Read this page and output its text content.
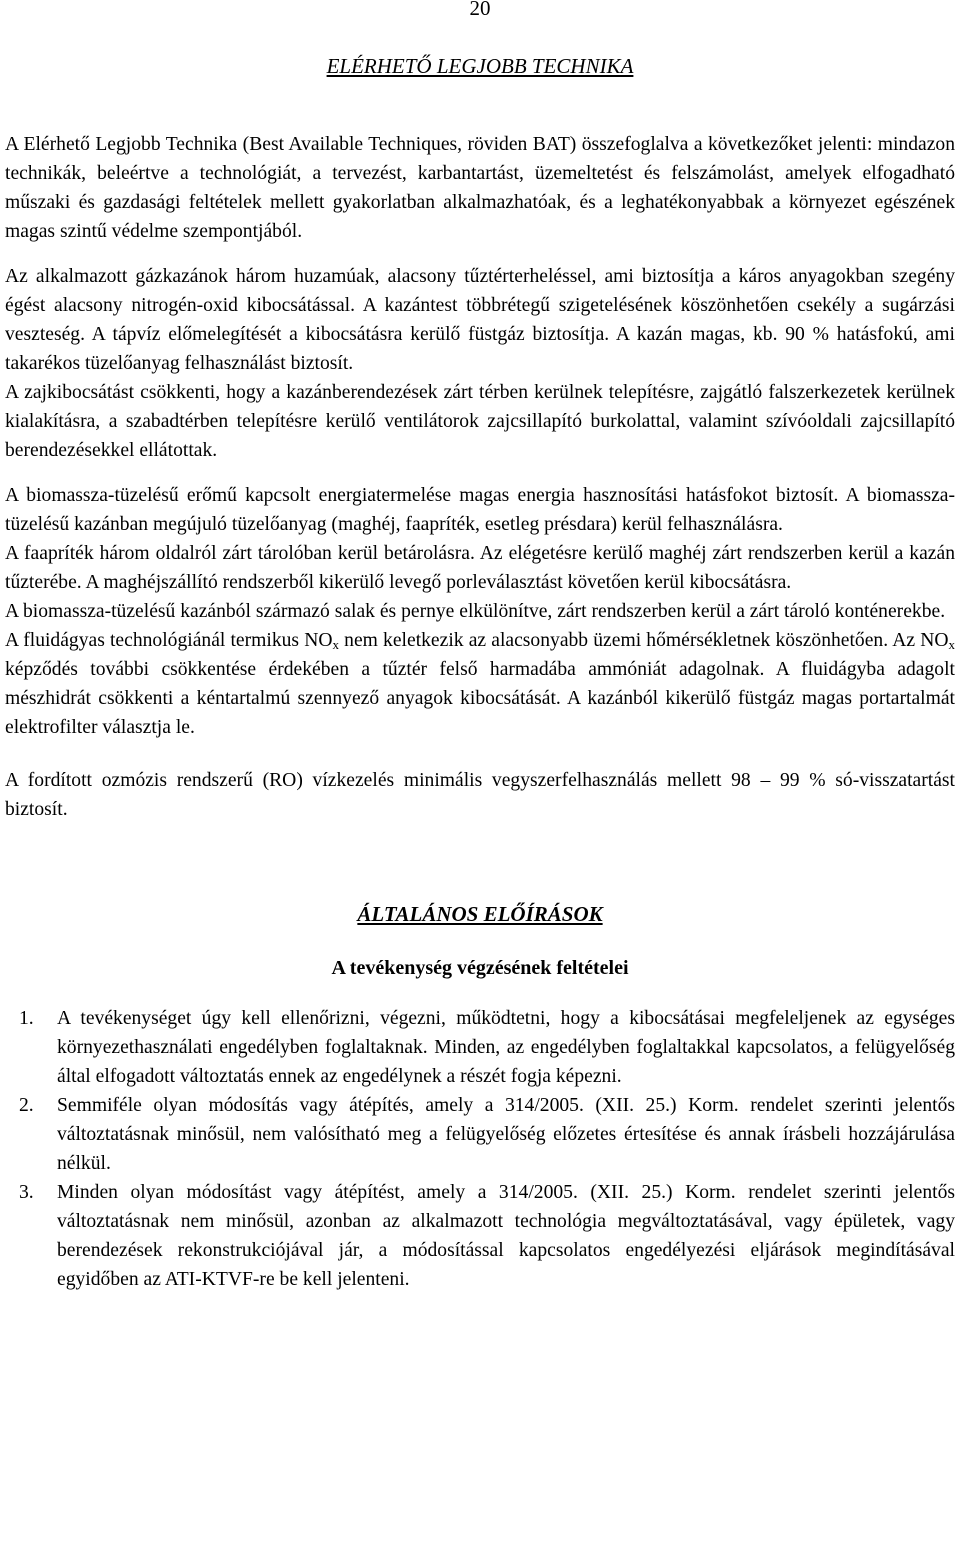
20
ELÉRHETŐ LEGJOBB TECHNIKA

A Elérhető Legjobb Technika (Best Available Techniques, röviden BAT) összefoglalva a következőket jelenti: mindazon technikák, beleértve a technológiát, a tervezést, karbantartást, üzemeltetést és felszámolást, amelyek elfogadható műszaki és gazdasági feltételek mellett gyakorlatban alkalmazhatóak, és a leghatékonyabbak a környezet egészének magas szintű védelme szempontjából.

Az alkalmazott gázkazánok három huzamúak, alacsony tűztérterheléssel, ami biztosítja a káros anyagokban szegény égést alacsony nitrogén-oxid kibocsátással. A kazántest többrétegű szigetelésének köszönhetően csekély a sugárzási veszteség. A tápvíz előmelegítését a kibocsátásra kerülő füstgáz biztosítja. A kazán magas, kb. 90 % hatásfokú, ami takarékos tüzelőanyag felhasználást biztosít.

A zajkibocsátást csökkenti, hogy a kazánberendezések zárt térben kerülnek telepítésre, zajgátló falszerkezetek kerülnek kialakításra, a szabadtérben telepítésre kerülő ventilátorok zajcsillapító burkolattal, valamint szívóoldali zajcsillapító berendezésekkel ellátottak.

A biomassza-tüzelésű erőmű kapcsolt energiatermelése magas energia hasznosítási hatásfokot biztosít. A biomassza-tüzelésű kazánban megújuló tüzelőanyag (maghéj, faapríték, esetleg présdara) kerül felhasználásra.

A faapríték három oldalról zárt tárolóban kerül betárolásra. Az elégetésre kerülő maghéj zárt rendszerben kerül a kazán tűzterébe. A maghéjszállító rendszerből kikerülő levegő porleválasztást követően kerül kibocsátásra.

A biomassza-tüzelésű kazánból származó salak és pernye elkülönítve, zárt rendszerben kerül a zárt tároló konténerekbe.

A fluidágyas technológiánál termikus $NO_x$ nem keletkezik az alacsonyabb üzemi hőmérsékletnek köszönhetően. Az $NO_x$ képződés további csökkentése érdekében a tűztér felső harmadába ammóniát adagolnak. A fluidágyba adagolt mészhidrát csökkenti a kéntartalmú szennyező anyagok kibocsátását. A kazánból kikerülő füstgáz magas portartalmát elektrofilter választja le.

A fordított ozmózis rendszerű (RO) vízkezelés minimális vegyszerfelhasználás mellett 98 – 99 % só-visszatartást biztosít.

ÁLTALÁNOS ELŐÍRÁSOK
A tevékenység végzésének feltételei
1. A tevékenységet úgy kell ellenőrizni, végezni, működtetni, hogy a kibocsátásai megfeleljenek az egységes környezethasználati engedélyben foglaltaknak. Minden, az engedélyben foglaltakkal kapcsolatos, a felügyelőség által elfogadott változtatás ennek az engedélynek a részét fogja képezni.
2. Semmiféle olyan módosítás vagy átépítés, amely a 314/2005. (XII. 25.) Korm. rendelet szerinti jelentős változtatásnak minősül, nem valósítható meg a felügyelőség előzetes értesítése és annak írásbeli hozzájárulása nélkül.
3. Minden olyan módosítást vagy átépítést, amely a 314/2005. (XII. 25.) Korm. rendelet szerinti jelentős változtatásnak nem minősül, azonban az alkalmazott technológia megváltoztatásával, vagy épületek, vagy berendezések rekonstrukciójával jár, a módosítással kapcsolatos engedélyezési eljárások megindításával egyidőben az ATI-KTVF-re be kell jelenteni.
